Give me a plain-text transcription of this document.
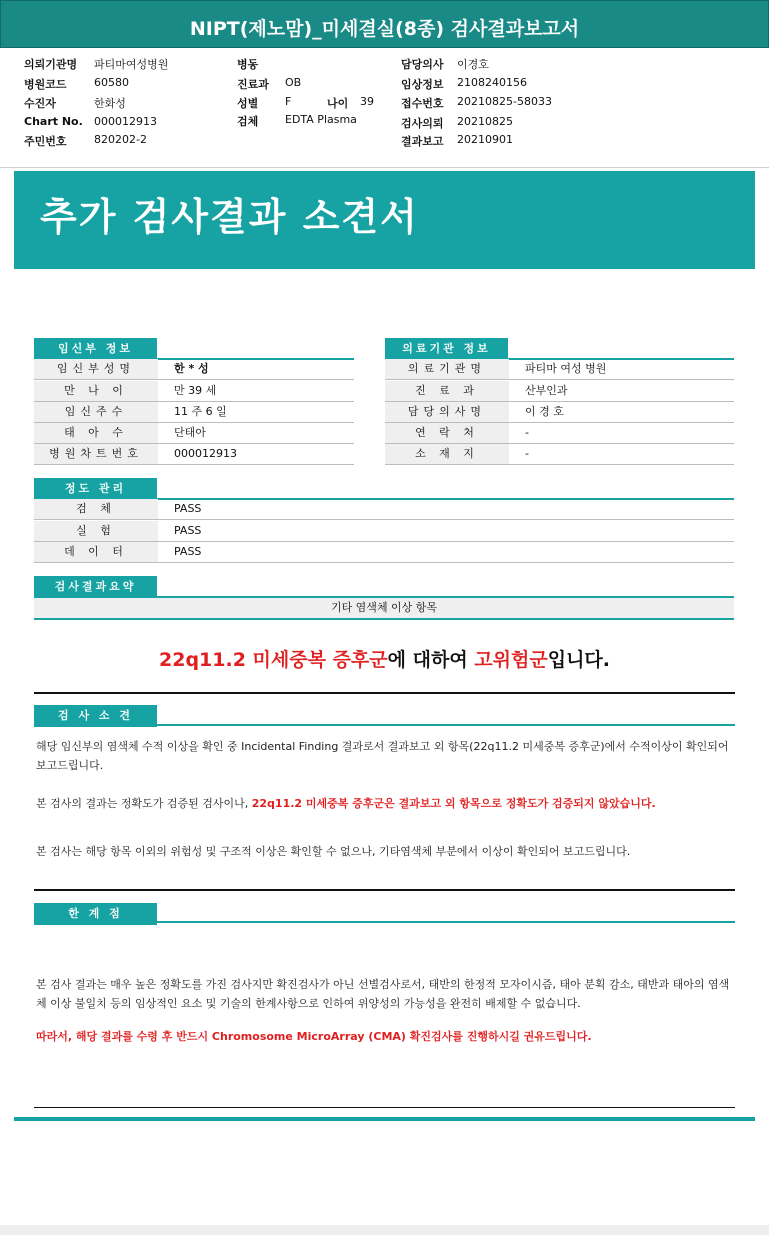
NIPT(제노맘)_미세결실(8종) 검사결과보고서
의뢰기관명 파티마여성병원
병원코드 60580
수진자	한화성
Chart No. 000012913
주민번호 820202-2
병동
진료과 OB
성별 F	나이 39
검체 EDTA Plasma
담당의사 이경호
임상정보 2108240156
접수번호 20210825-58033
검사의뢰 20210825
결과보고 20210901
추가 검사결과 소견서
임신부 정보
임신부성명	한 * 성
만 나 이	만 39 세
임신주수	11 주 6 일
태 아 수	단태아
병원차트번호	000012913
의료기관 정보
의료기관명	파티마 여성 병원
진 료 과	산부인과
담당의사명	이 경 호
연 락 처	-
소 재 지	-
정도 관리
검 체	PASS
실 험	PASS
데 이 터	PASS
검사결과요약
기타 염색체 이상 항목
22q11.2 미세중복 증후군에 대하여 고위험군입니다.
검 사 소 견
해당 임신부의 염색체 수적 이상을 확인 중 Incidental Finding 결과로서 결과보고 외 항목(22q11.2 미세중복 증후군)에서 수적이상이 확인되어 보고드립니다.
본 검사의 결과는 정확도가 검증된 검사이나, 22q11.2 미세중복 증후군은 결과보고 외 항목으로 정확도가 검증되지 않았습니다.
본 검사는 해당 항목 이외의 위험성 및 구조적 이상은 확인할 수 없으나, 기타염색체 부분에서 이상이 확인되어 보고드립니다.
한 계 점
본 검사 결과는 매우 높은 정확도를 가진 검사지만 확진검사가 아닌 선별검사로서, 태반의 한정적 모자이시즘, 태아 분획 감소, 태반과 태아의 염색체 이상 불일치 등의 임상적인 요소 및 기술의 한계사항으로 인하여 위양성의 가능성을 완전히 배제할 수 없습니다.
따라서, 해당 결과를 수령 후 반드시 Chromosome MicroArray (CMA) 확진검사를 진행하시길 권유드립니다.
